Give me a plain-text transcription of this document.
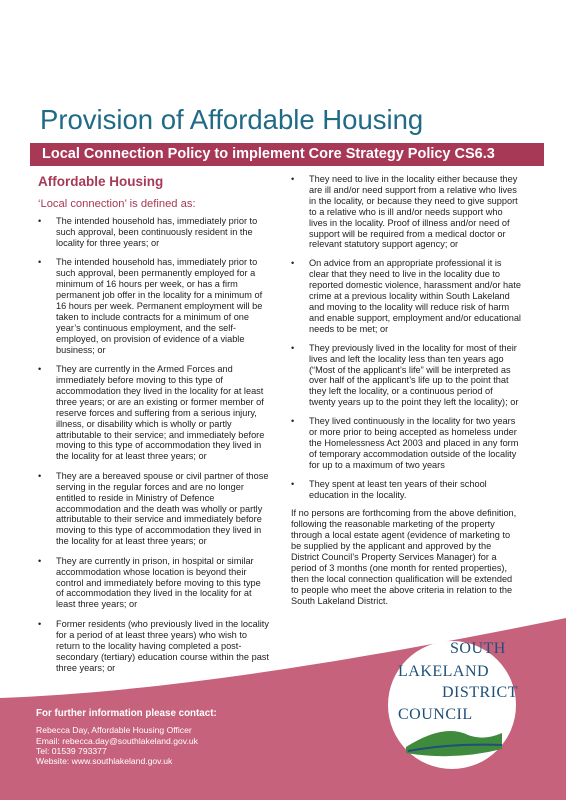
Provision of Affordable Housing
Local Connection Policy to implement Core Strategy Policy CS6.3
Affordable Housing
‘Local connection’ is defined as:
• The intended household has, immediately prior to such approval, been continuously resident in the locality for three years; or
• The intended household has, immediately prior to such approval, been permanently employed for a minimum of 16 hours per week, or has a firm permanent job offer in the locality for a minimum of 16 hours per week. Permanent employment will be taken to include contracts for a minimum of one year’s continuous employment, and the self-employed, on provision of evidence of a viable business; or
• They are currently in the Armed Forces and immediately before moving to this type of accommodation they lived in the locality for at least three years; or are an existing or former member of reserve forces and suffering from a serious injury, illness, or disability which is wholly or partly attributable to their service; and immediately before moving to this type of accommodation they lived in the locality for at least three years; or
• They are a bereaved spouse or civil partner of those serving in the regular forces and are no longer entitled to reside in Ministry of Defence accommodation and the death was wholly or partly attributable to their service and immediately before moving to this type of accommodation they lived in the locality for at least three years; or
• They are currently in prison, in hospital or similar accommodation whose location is beyond their control and immediately before moving to this type of accommodation they lived in the locality for at least three years; or
• Former residents (who previously lived in the locality for a period of at least three years) who wish to return to the locality having completed a post-secondary (tertiary) education course within the past three years; or
• They need to live in the locality either because they are ill and/or need support from a relative who lives in the locality, or because they need to give support to a relative who is ill and/or needs support who lives in the locality. Proof of illness and/or need of support will be required from a medical doctor or relevant statutory support agency; or
• On advice from an appropriate professional it is clear that they need to live in the locality due to reported domestic violence, harassment and/or hate crime at a previous locality within South Lakeland and moving to the locality will reduce risk of harm and enable support, employment and/or educational needs to be met; or
• They previously lived in the locality for most of their lives and left the locality less than ten years ago (“Most of the applicant’s life” will be interpreted as over half of the applicant’s life up to the point that they left the locality, or a continuous period of twenty years up to the point they left the locality); or
• They lived continuously in the locality for two years or more prior to being accepted as homeless under the Homelessness Act 2003 and placed in any form of temporary accommodation outside of the locality for up to a maximum of two years
• They spent at least ten years of their school education in the locality.

If no persons are forthcoming from the above definition, following the reasonable marketing of the property through a local estate agent (evidence of marketing to be supplied by the applicant and approved by the District Council’s Property Services Manager) for a period of 3 months (one month for rented properties), then the local connection qualification will be extended to people who meet the above criteria in relation to the South Lakeland District.

For further information please contact:
Rebecca Day, Affordable Housing Officer
Email: rebecca.day@southlakeland.gov.uk
Tel: 01539 793377
Website: www.southlakeland.gov.uk
SOUTH
LAKELAND
DISTRICT
COUNCIL
